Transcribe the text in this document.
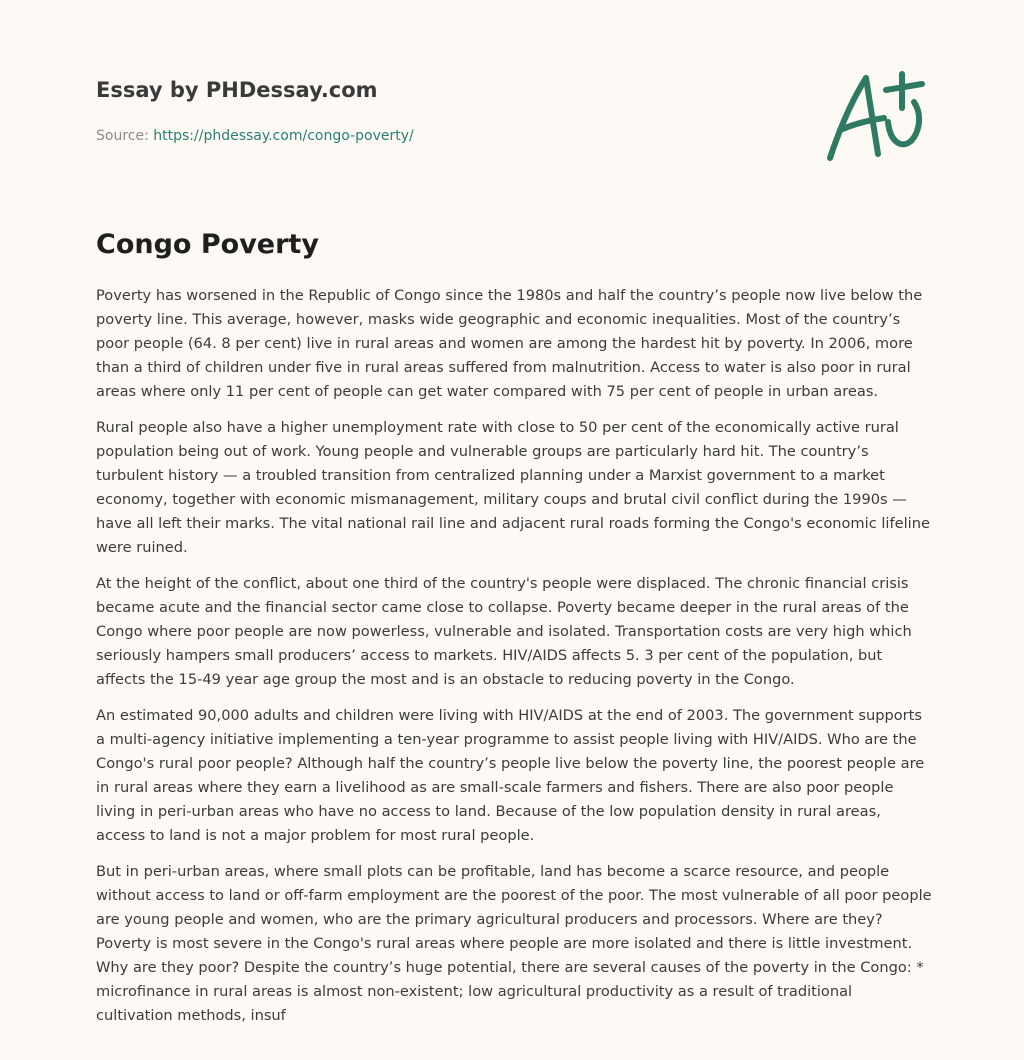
Essay by PHDessay.com
Source: https://phdessay.com/congo-poverty/
Congo Poverty

Poverty has worsened in the Republic of Congo since the 1980s and half the country’s people now live below the poverty line. This average, however, masks wide geographic and economic inequalities. Most of the country’s poor people (64. 8 per cent) live in rural areas and women are among the hardest hit by poverty. In 2006, more than a third of children under five in rural areas suffered from malnutrition. Access to water is also poor in rural areas where only 11 per cent of people can get water compared with 75 per cent of people in urban areas.

Rural people also have a higher unemployment rate with close to 50 per cent of the economically active rural population being out of work. Young people and vulnerable groups are particularly hard hit. The country’s turbulent history — a troubled transition from centralized planning under a Marxist government to a market economy, together with economic mismanagement, military coups and brutal civil conflict during the 1990s — have all left their marks. The vital national rail line and adjacent rural roads forming the Congo's economic lifeline were ruined.

At the height of the conflict, about one third of the country's people were displaced. The chronic financial crisis became acute and the financial sector came close to collapse. Poverty became deeper in the rural areas of the Congo where poor people are now powerless, vulnerable and isolated. Transportation costs are very high which seriously hampers small producers’ access to markets. HIV/AIDS affects 5. 3 per cent of the population, but affects the 15-49 year age group the most and is an obstacle to reducing poverty in the Congo.

An estimated 90,000 adults and children were living with HIV/AIDS at the end of 2003. The government supports a multi-agency initiative implementing a ten-year programme to assist people living with HIV/AIDS. Who are the Congo's rural poor people? Although half the country’s people live below the poverty line, the poorest people are in rural areas where they earn a livelihood as are small-scale farmers and fishers. There are also poor people living in peri-urban areas who have no access to land. Because of the low population density in rural areas, access to land is not a major problem for most rural people.

But in peri-urban areas, where small plots can be profitable, land has become a scarce resource, and people without access to land or off-farm employment are the poorest of the poor. The most vulnerable of all poor people are young people and women, who are the primary agricultural producers and processors. Where are they? Poverty is most severe in the Congo's rural areas where people are more isolated and there is little investment. Why are they poor? Despite the country’s huge potential, there are several causes of the poverty in the Congo: * microfinance in rural areas is almost non-existent; low agricultural productivity as a result of traditional cultivation methods, insuf
